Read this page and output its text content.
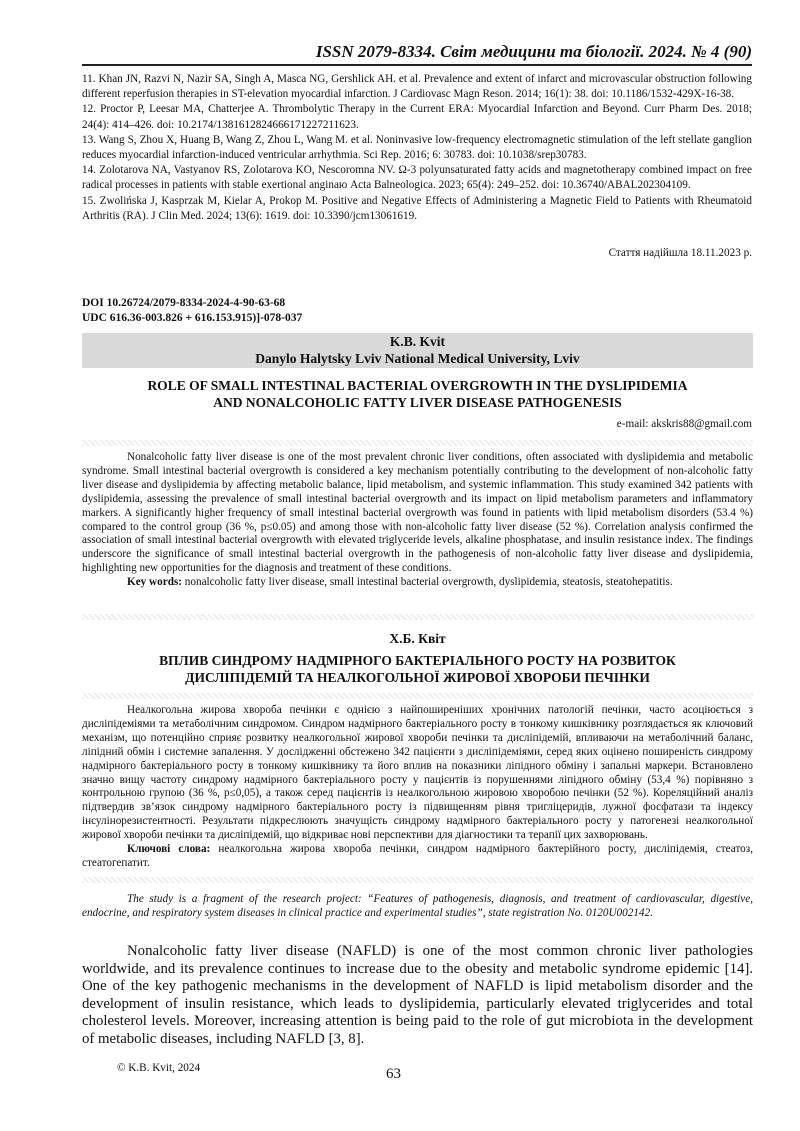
ISSN 2079-8334. Світ медицини та біології. 2024. № 4 (90)

11. Khan JN, Razvi N, Nazir SA, Singh A, Masca NG, Gershlick AH. et al. Prevalence and extent of infarct and microvascular obstruction following different reperfusion therapies in ST-elevation myocardial infarction. J Cardiovasc Magn Reson. 2014; 16(1): 38. doi: 10.1186/1532-429X-16-38.

12. Proctor P, Leesar MA, Chatterjee A. Thrombolytic Therapy in the Current ERA: Myocardial Infarction and Beyond. Curr Pharm Des. 2018; 24(4): 414–426. doi: 10.2174/1381612824666171227211623.

13. Wang S, Zhou X, Huang B, Wang Z, Zhou L, Wang M. et al. Noninvasive low-frequency electromagnetic stimulation of the left stellate ganglion reduces myocardial infarction-induced ventricular arrhythmia. Sci Rep. 2016; 6: 30783. doi: 10.1038/srep30783.

14. Zolotarova NA, Vastyanov RS, Zolotarova KO, Nescoromna NV. Ω-3 polyunsaturated fatty acids and magnetotherapy combined impact on free radical processes in patients with stable exertional anginaю Acta Balneologica. 2023; 65(4): 249–252. doi: 10.36740/ABAL202304109.

15. Zwolińska J, Kasprzak M, Kielar A, Prokop M. Positive and Negative Effects of Administering a Magnetic Field to Patients with Rheumatoid Arthritis (RA). J Clin Med. 2024; 13(6): 1619. doi: 10.3390/jcm13061619.

Стаття надійшла 18.11.2023 р.
DOI 10.26724/2079-8334-2024-4-90-63-68
UDC 616.36-003.826 + 616.153.915)]-078-037
K.B. Kvit
Danylo Halytsky Lviv National Medical University, Lviv
ROLE OF SMALL INTESTINAL BACTERIAL OVERGROWTH IN THE DYSLIPIDEMIA
AND NONALCOHOLIC FATTY LIVER DISEASE PATHOGENESIS
e-mail: akskris88@gmail.com

Nonalcoholic fatty liver disease is one of the most prevalent chronic liver conditions, often associated with dyslipidemia and metabolic syndrome. Small intestinal bacterial overgrowth is considered a key mechanism potentially contributing to the development of non-alcoholic fatty liver disease and dyslipidemia by affecting metabolic balance, lipid metabolism, and systemic inflammation. This study examined 342 patients with dyslipidemia, assessing the prevalence of small intestinal bacterial overgrowth and its impact on lipid metabolism parameters and inflammatory markers. A significantly higher frequency of small intestinal bacterial overgrowth was found in patients with lipid metabolism disorders (53.4 %) compared to the control group (36 %, p≤0.05) and among those with non-alcoholic fatty liver disease (52 %). Correlation analysis confirmed the association of small intestinal bacterial overgrowth with elevated triglyceride levels, alkaline phosphatase, and insulin resistance index. The findings underscore the significance of small intestinal bacterial overgrowth in the pathogenesis of non-alcoholic fatty liver disease and dyslipidemia, highlighting new opportunities for the diagnosis and treatment of these conditions.

Key words: nonalcoholic fatty liver disease, small intestinal bacterial overgrowth, dyslipidemia, steatosis, steatohepatitis.

Х.Б. Квіт
ВПЛИВ СИНДРОМУ НАДМІРНОГО БАКТЕРІАЛЬНОГО РОСТУ НА РОЗВИТОК
ДИСЛІПІДЕМІЙ ТА НЕАЛКОГОЛЬНОЇ ЖИРОВОЇ ХВОРОБИ ПЕЧІНКИ

Неалкогольна жирова хвороба печінки є однією з найпоширеніших хронічних патологій печінки, часто асоціюється з дисліпідеміями та метаболічним синдромом. Синдром надмірного бактеріального росту в тонкому кишківнику розглядається як ключовий механізм, що потенційно сприяє розвитку неалкогольної жирової хвороби печінки та дисліпідемій, впливаючи на метаболічний баланс, ліпідний обмін і системне запалення. У дослідженні обстежено 342 пацієнти з дисліпідеміями, серед яких оцінено поширеність синдрому надмірного бактеріального росту в тонкому кишківнику та його вплив на показники ліпідного обміну і запальні маркери. Встановлено значно вищу частоту синдрому надмірного бактеріального росту у пацієнтів із порушеннями ліпідного обміну (53,4 %) порівняно з контрольною групою (36 %, p≤0,05), а також серед пацієнтів із неалкогольною жировою хворобою печінки (52 %). Кореляційний аналіз підтвердив зв’язок синдрому надмірного бактеріального росту із підвищенням рівня тригліцеридів, лужної фосфатази та індексу інсулінорезистентності. Результати підкреслюють значущість синдрому надмірного бактеріального росту у патогенезі неалкогольної жирової хвороби печінки та дисліпідемій, що відкриває нові перспективи для діагностики та терапії цих захворювань.

Ключові слова: неалкогольна жирова хвороба печінки, синдром надмірного бактерійного росту, дисліпідемія, стеатоз, стеатогепатит.

The study is a fragment of the research project: “Features of pathogenesis, diagnosis, and treatment of cardiovascular, digestive, endocrine, and respiratory system diseases in clinical practice and experimental studies”, state registration No. 0120U002142.

Nonalcoholic fatty liver disease (NAFLD) is one of the most common chronic liver pathologies worldwide, and its prevalence continues to increase due to the obesity and metabolic syndrome epidemic [14]. One of the key pathogenic mechanisms in the development of NAFLD is lipid metabolism disorder and the development of insulin resistance, which leads to dyslipidemia, particularly elevated triglycerides and total cholesterol levels. Moreover, increasing attention is being paid to the role of gut microbiota in the development of metabolic diseases, including NAFLD [3, 8].

© K.B. Kvit, 2024	63
